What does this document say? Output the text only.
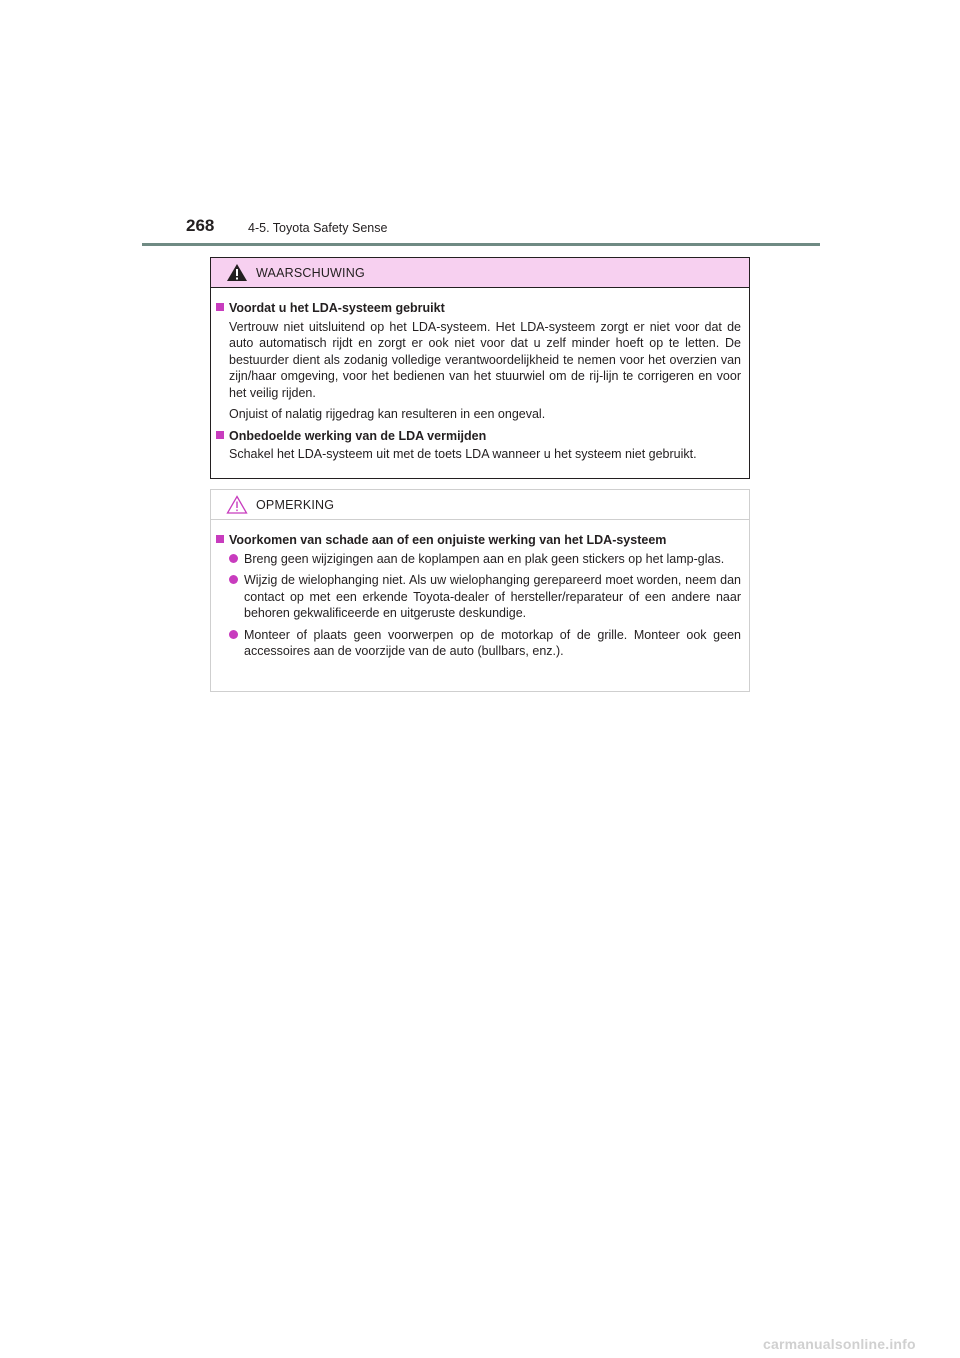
268	4-5. Toyota Safety Sense
WAARSCHUWING
Voordat u het LDA-systeem gebruikt

Vertrouw niet uitsluitend op het LDA-systeem. Het LDA-systeem zorgt er niet voor dat de auto automatisch rijdt en zorgt er ook niet voor dat u zelf minder hoeft op te letten. De bestuurder dient als zodanig volledige verantwoordelijkheid te nemen voor het overzien van zijn/haar omgeving, voor het bedienen van het stuurwiel om de rij-lijn te corrigeren en voor het veilig rijden.

Onjuist of nalatig rijgedrag kan resulteren in een ongeval.

Onbedoelde werking van de LDA vermijden

Schakel het LDA-systeem uit met de toets LDA wanneer u het systeem niet gebruikt.

OPMERKING
Voorkomen van schade aan of een onjuiste werking van het LDA-systeem
Breng geen wijzigingen aan de koplampen aan en plak geen stickers op het lamp-glas.
Wijzig de wielophanging niet. Als uw wielophanging gerepareerd moet worden, neem dan contact op met een erkende Toyota-dealer of hersteller/reparateur of een andere naar behoren gekwalificeerde en uitgeruste deskundige.
Monteer of plaats geen voorwerpen op de motorkap of de grille. Monteer ook geen accessoires aan de voorzijde van de auto (bullbars, enz.).
carmanualsonline.info
